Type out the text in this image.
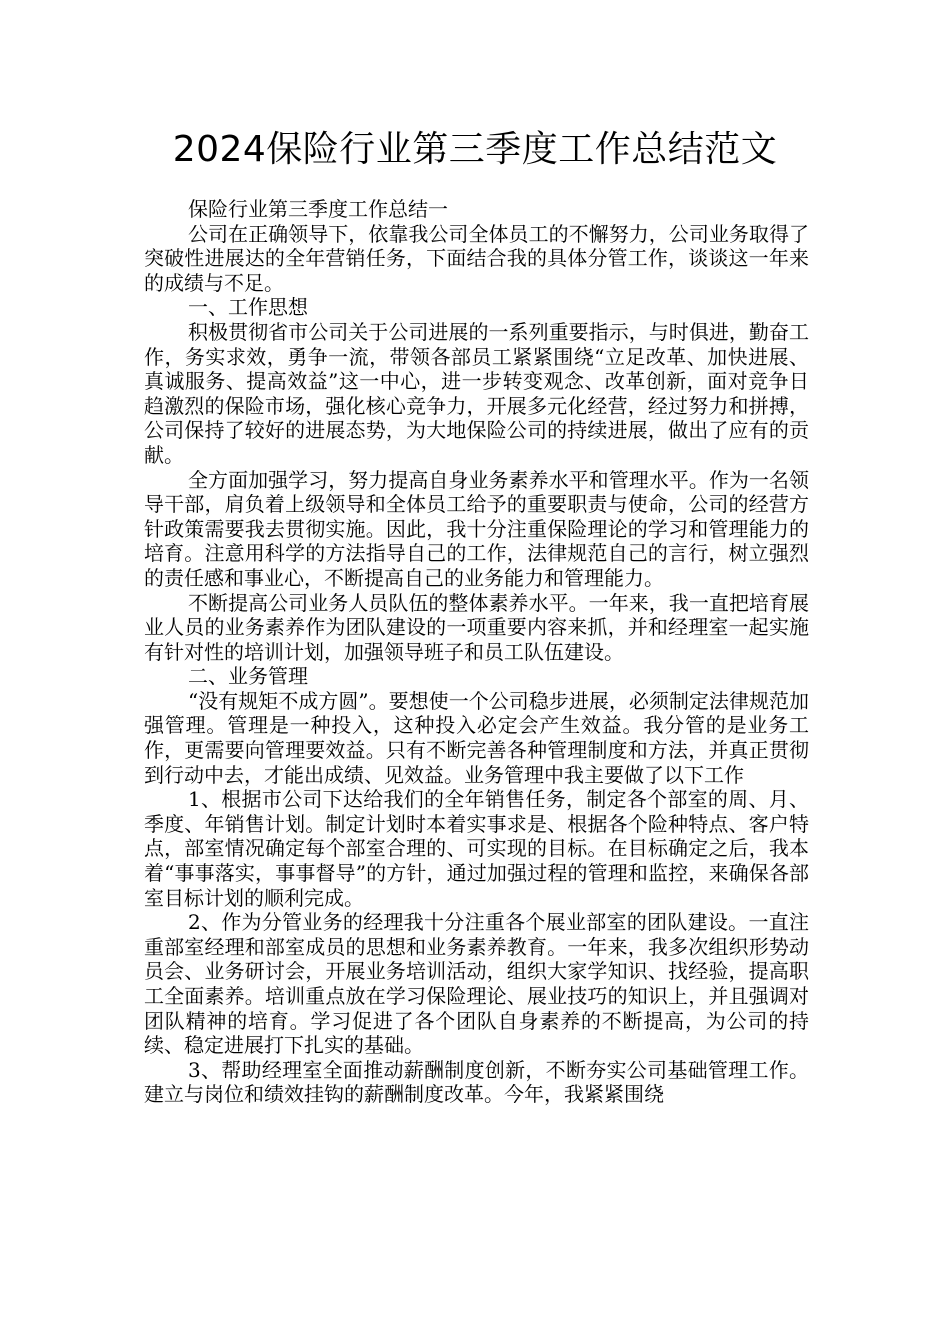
2024保险行业第三季度工作总结范文

保险行业第三季度工作总结一

公司在正确领导下，依靠我公司全体员工的不懈努力，公司业务取得了突破性进展达的全年营销任务，下面结合我的具体分管工作，谈谈这一年来的成绩与不足。

一、工作思想

积极贯彻省市公司关于公司进展的一系列重要指示，与时俱进，勤奋工作，务实求效，勇争一流，带领各部员工紧紧围绕“立足改革、加快进展、真诚服务、提高效益”这一中心，进一步转变观念、改革创新，面对竞争日趋激烈的保险市场，强化核心竞争力，开展多元化经营，经过努力和拼搏，公司保持了较好的进展态势，为大地保险公司的持续进展，做出了应有的贡献。

全方面加强学习，努力提高自身业务素养水平和管理水平。作为一名领导干部，肩负着上级领导和全体员工给予的重要职责与使命，公司的经营方针政策需要我去贯彻实施。因此，我十分注重保险理论的学习和管理能力的培育。注意用科学的方法指导自己的工作，法律规范自己的言行，树立强烈的责任感和事业心，不断提高自己的业务能力和管理能力。

不断提高公司业务人员队伍的整体素养水平。一年来，我一直把培育展业人员的业务素养作为团队建设的一项重要内容来抓，并和经理室一起实施有针对性的培训计划，加强领导班子和员工队伍建设。

二、业务管理

“没有规矩不成方圆”。要想使一个公司稳步进展，必须制定法律规范加强管理。管理是一种投入，这种投入必定会产生效益。我分管的是业务工作，更需要向管理要效益。只有不断完善各种管理制度和方法，并真正贯彻到行动中去，才能出成绩、见效益。业务管理中我主要做了以下工作

1、根据市公司下达给我们的全年销售任务，制定各个部室的周、月、季度、年销售计划。制定计划时本着实事求是、根据各个险种特点、客户特点，部室情况确定每个部室合理的、可实现的目标。在目标确定之后，我本着“事事落实，事事督导”的方针，通过加强过程的管理和监控，来确保各部室目标计划的顺利完成。

2、作为分管业务的经理我十分注重各个展业部室的团队建设。一直注重部室经理和部室成员的思想和业务素养教育。一年来，我多次组织形势动员会、业务研讨会，开展业务培训活动，组织大家学知识、找经验，提高职工全面素养。培训重点放在学习保险理论、展业技巧的知识上，并且强调对团队精神的培育。学习促进了各个团队自身素养的不断提高，为公司的持续、稳定进展打下扎实的基础。

3、帮助经理室全面推动薪酬制度创新，不断夯实公司基础管理工作。建立与岗位和绩效挂钩的薪酬制度改革。今年，我紧紧围绕
